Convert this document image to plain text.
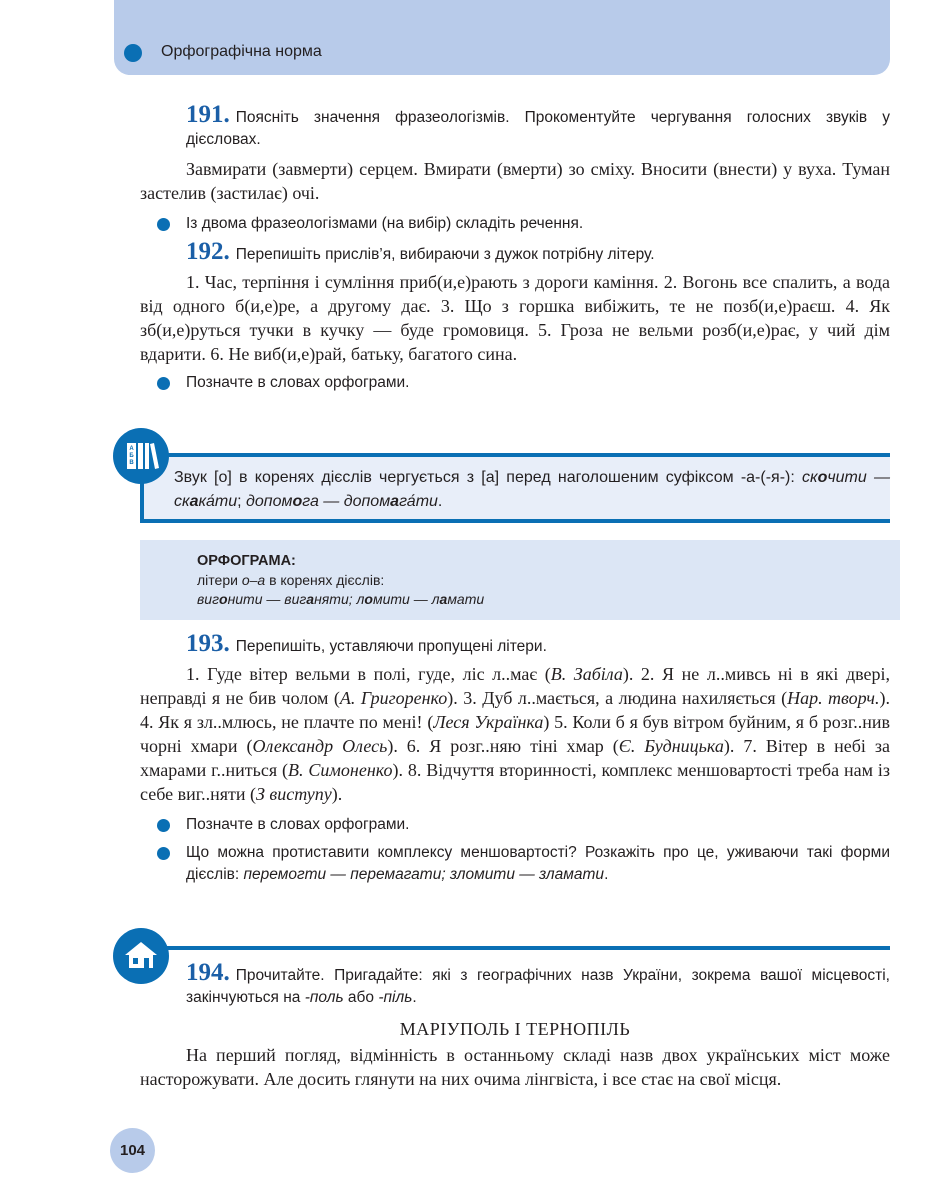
Орфографічна норма

191. Поясніть значення фразеологізмів. Прокоментуйте чергування голосних звуків у дієсловах.

Завмирати (завмерти) серцем. Вмирати (вмерти) зо сміху. Вносити (внести) у вуха. Туман застелив (застилає) очі.

Із двома фразеологізмами (на вибір) складіть речення.

192. Перепишіть прислів’я, вибираючи з дужок потрібну літеру.

1. Час, терпіння і сумління приб(и,е)рають з дороги каміння. 2. Вогонь все спалить, а вода від одного б(и,е)ре, а другому дає. 3. Що з горшка вибіжить, те не позб(и,е)раєш. 4. Як зб(и,е)руться тучки в кучку — буде громовиця. 5. Гроза не вельми розб(и,е)рає, у чий дім вдарити. 6. Не виб(и,е)рай, батьку, багатого сина.

Позначте в словах орфограми.

Звук [о] в коренях дієслів чергується з [а] перед наголошеним суфіксом -а-(-я-): скочити — скака́ти; допомога — допомага́ти.
А
Б
В
ОРФОГРАМА:
літери о–а в коренях дієслів:
вигонити — виганяти; ломити — ламати

193. Перепишіть, уставляючи пропущені літери.

1. Гуде вітер вельми в полі, гуде, ліс л..має (В. Забіла). 2. Я не л..мивсь ні в які двері, неправді я не бив чолом (А. Григоренко). 3. Дуб л..мається, а людина нахиляється (Нар. творч.). 4. Як я зл..млюсь, не плачте по мені! (Леся Українка) 5. Коли б я був вітром буйним, я б розг..нив чорні хмари (Олександр Олесь). 6. Я розг..няю тіні хмар (Є. Будницька). 7. Вітер в небі за хмарами г..ниться (В. Симоненко). 8. Відчуття вторинності, комплекс меншовартості треба нам із себе виг..няти (З виступу).

Позначте в словах орфограми.

Що можна протиставити комплексу меншовартості? Розкажіть про це, уживаючи такі форми дієслів: перемогти — перемагати; зломити — зламати.

194. Прочитайте. Пригадайте: які з географічних назв України, зокрема вашої місцевості, закінчуються на -поль або -піль.

МАРІУПОЛЬ І ТЕРНОПІЛЬ

На перший погляд, відмінність в останньому складі назв двох українських міст може насторожувати. Але досить глянути на них очима лінгвіста, і все стає на свої місця.

104
